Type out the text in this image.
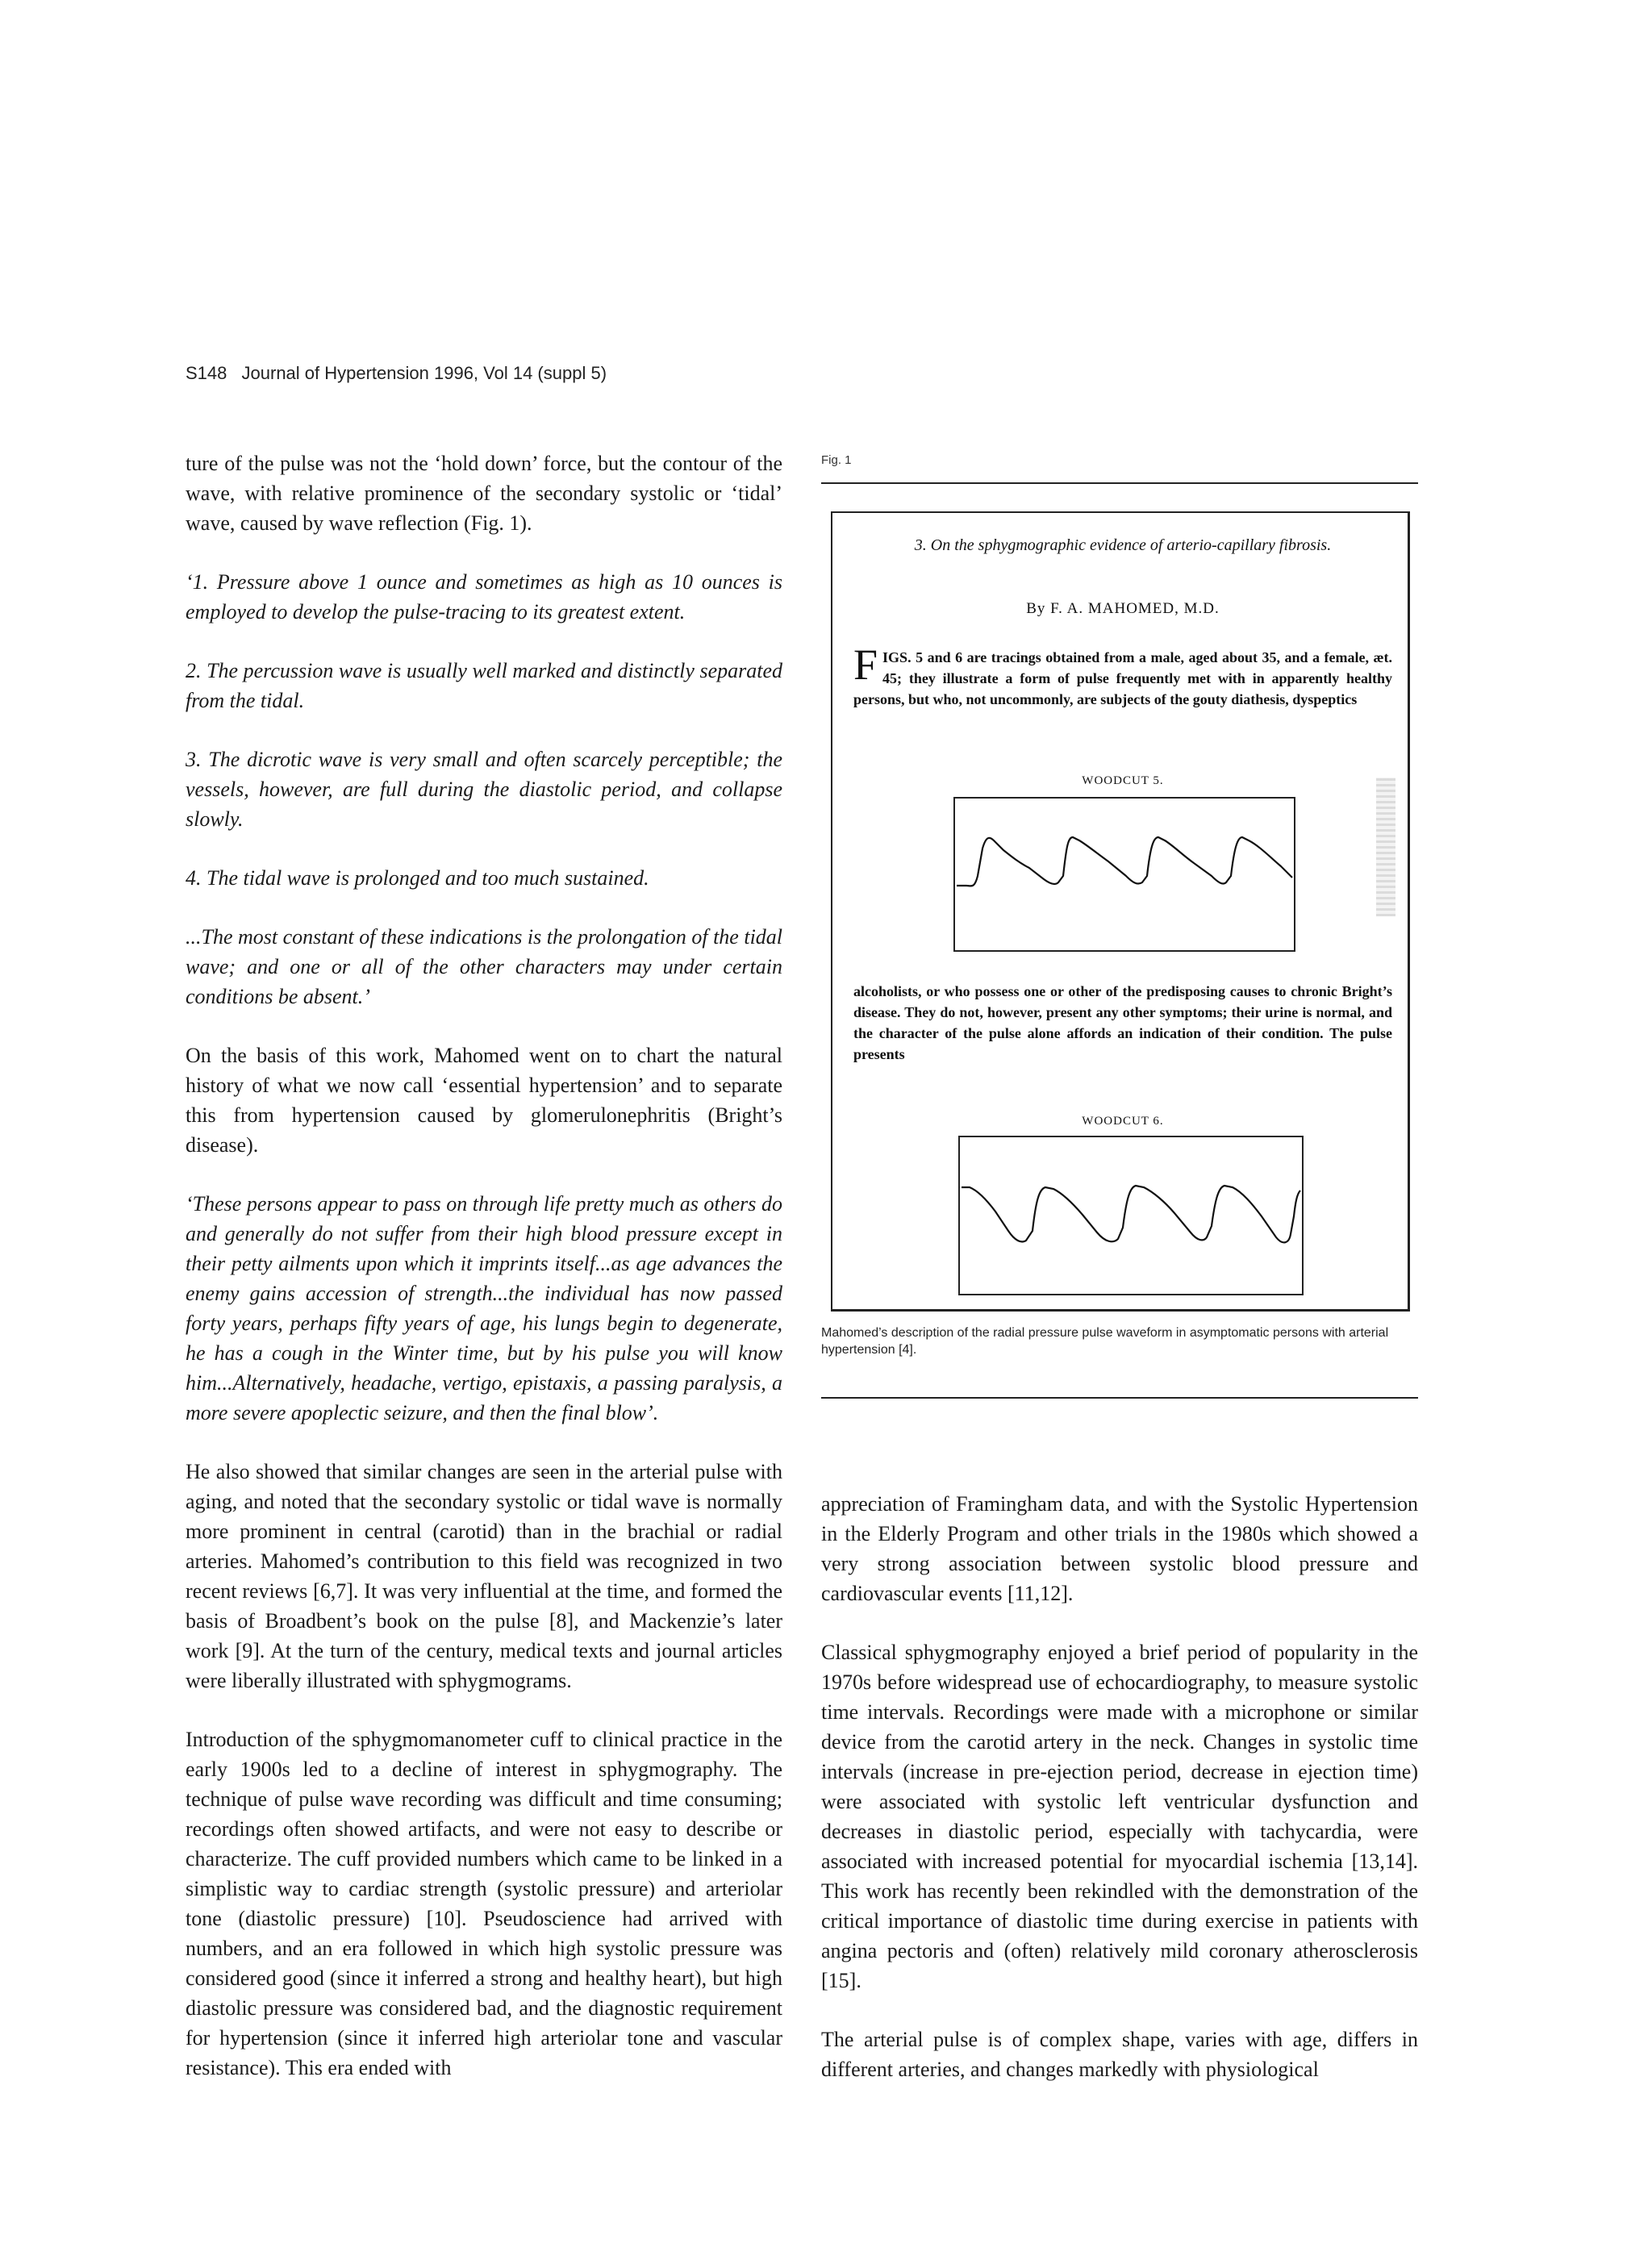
S148 Journal of Hypertension 1996, Vol 14 (suppl 5)

ture of the pulse was not the ‘hold down’ force, but the contour of the wave, with relative prominence of the secondary systolic or ‘tidal’ wave, caused by wave reflection (Fig. 1).

‘1. Pressure above 1 ounce and sometimes as high as 10 ounces is employed to develop the pulse-tracing to its greatest extent.

2. The percussion wave is usually well marked and distinctly separated from the tidal.

3. The dicrotic wave is very small and often scarcely perceptible; the vessels, however, are full during the diastolic period, and collapse slowly.

4. The tidal wave is prolonged and too much sustained.

...The most constant of these indications is the prolongation of the tidal wave; and one or all of the other characters may under certain conditions be absent.’

On the basis of this work, Mahomed went on to chart the natural history of what we now call ‘essential hypertension’ and to separate this from hypertension caused by glomerulonephritis (Bright’s disease).

‘These persons appear to pass on through life pretty much as others do and generally do not suffer from their high blood pressure except in their petty ailments upon which it imprints itself...as age advances the enemy gains accession of strength...the individual has now passed forty years, perhaps fifty years of age, his lungs begin to degenerate, he has a cough in the Winter time, but by his pulse you will know him...Alternatively, headache, vertigo, epistaxis, a passing paralysis, a more severe apoplectic seizure, and then the final blow’.

He also showed that similar changes are seen in the arterial pulse with aging, and noted that the secondary systolic or tidal wave is normally more prominent in central (carotid) than in the brachial or radial arteries. Mahomed’s contribution to this field was recognized in two recent reviews [6,7]. It was very influential at the time, and formed the basis of Broadbent’s book on the pulse [8], and Mackenzie’s later work [9]. At the turn of the century, medical texts and journal articles were liberally illustrated with sphygmograms.

Introduction of the sphygmomanometer cuff to clinical practice in the early 1900s led to a decline of interest in sphygmography. The technique of pulse wave recording was difficult and time consuming; recordings often showed artifacts, and were not easy to describe or characterize. The cuff provided numbers which came to be linked in a simplistic way to cardiac strength (systolic pressure) and arteriolar tone (diastolic pressure) [10]. Pseudoscience had arrived with numbers, and an era followed in which high systolic pressure was considered good (since it inferred a strong and healthy heart), but high diastolic pressure was considered bad, and the diagnostic requirement for hypertension (since it inferred high arteriolar tone and vascular resistance). This era ended with

Fig. 1
3. On the sphygmographic evidence of arterio-capillary fibrosis.
By F. A. MAHOMED, M.D.
F IGS. 5 and 6 are tracings obtained from a male, aged about 35, and a female, æt. 45; they illustrate a form of pulse frequently met with in apparently healthy persons, but who, not uncommonly, are subjects of the gouty diathesis, dyspeptics
WOODCUT 5.
alcoholists, or who possess one or other of the predisposing causes to chronic Bright’s disease. They do not, however, present any other symptoms; their urine is normal, and the character of the pulse alone affords an indication of their condition. The pulse presents
WOODCUT 6.
Mahomed’s description of the radial pressure pulse waveform in asymptomatic persons with arterial hypertension [4].

appreciation of Framingham data, and with the Systolic Hypertension in the Elderly Program and other trials in the 1980s which showed a very strong association between systolic blood pressure and cardiovascular events [11,12].

Classical sphygmography enjoyed a brief period of popularity in the 1970s before widespread use of echocardiography, to measure systolic time intervals. Recordings were made with a microphone or similar device from the carotid artery in the neck. Changes in systolic time intervals (increase in pre-ejection period, decrease in ejection time) were associated with systolic left ventricular dysfunction and decreases in diastolic period, especially with tachycardia, were associated with increased potential for myocardial ischemia [13,14]. This work has recently been rekindled with the demonstration of the critical importance of diastolic time during exercise in patients with angina pectoris and (often) relatively mild coronary atherosclerosis [15].

The arterial pulse is of complex shape, varies with age, differs in different arteries, and changes markedly with physiological
